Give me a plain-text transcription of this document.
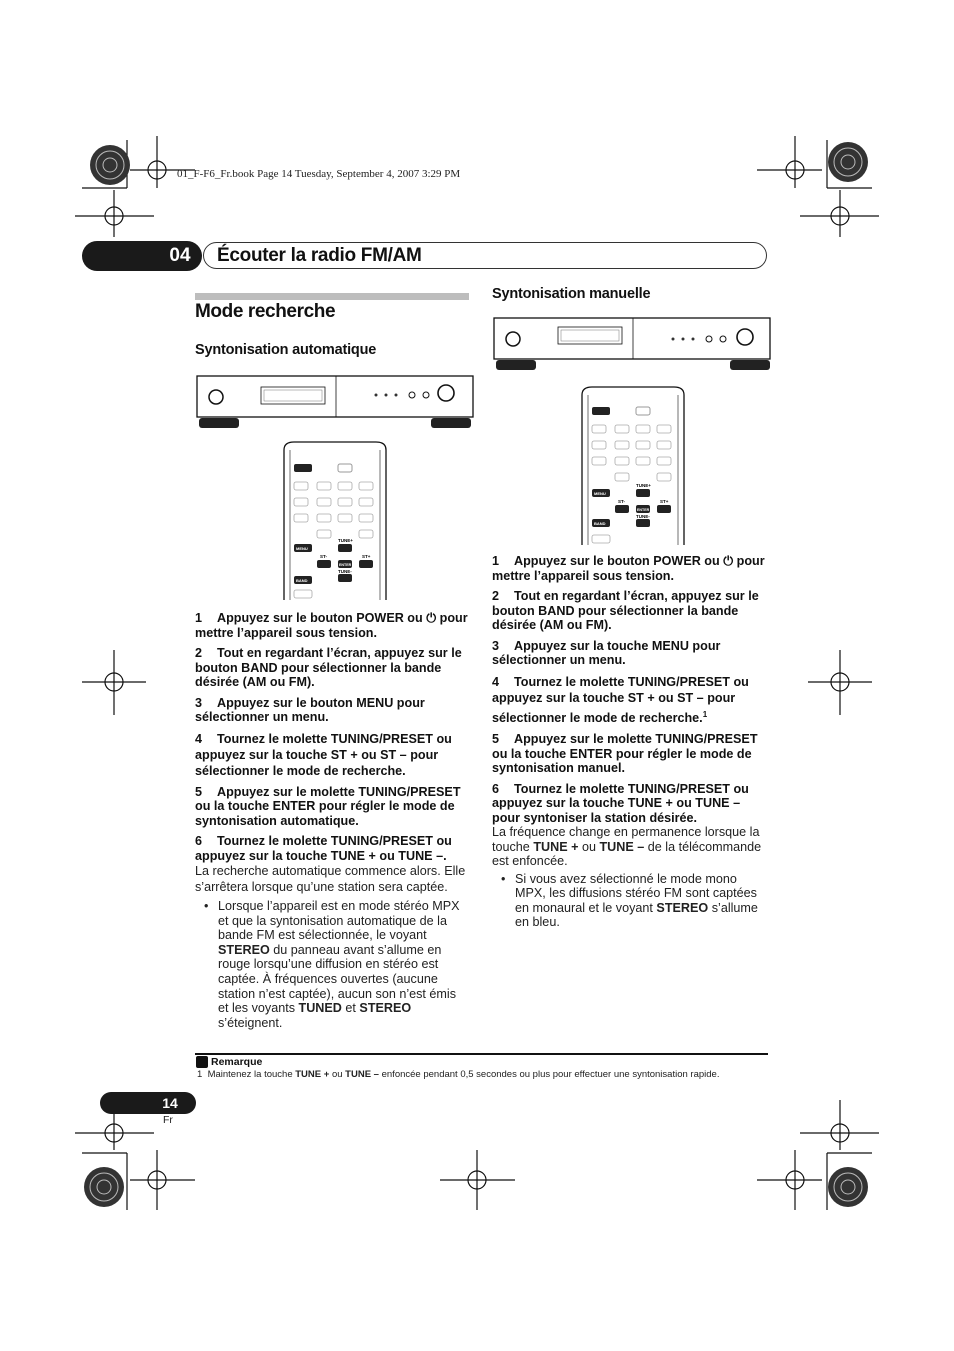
01_F-F6_Fr.book Page 14 Tuesday, September 4, 2007 3:29 PM
04	Écouter la radio FM/AM
Mode recherche
Syntonisation automatique
TUNE+
TUNE-
ST-	ST+
MENU
BAND
ENTER

1 Appuyez sur le bouton POWER ou ⏻ pour mettre l’appareil sous tension.

2 Tout en regardant l’écran, appuyez sur le bouton BAND pour sélectionner la bande désirée (AM ou FM).

3 Appuyez sur le bouton MENU pour sélectionner un menu.

4 Tournez le molette TUNING/PRESET ou appuyez sur la touche ST + ou ST – pour sélectionner le mode de recherche.

5 Appuyez sur le molette TUNING/PRESET ou la touche ENTER pour régler le mode de syntonisation automatique.

6 Tournez le molette TUNING/PRESET ou appuyez sur la touche TUNE + ou TUNE –.

La recherche automatique commence alors. Elle s’arrêtera lorsque qu’une station sera captée.

• Lorsque l’appareil est en mode stéréo MPX et que la syntonisation automatique de la bande FM est sélectionnée, le voyant STEREO du panneau avant s’allume en rouge lorsqu’une diffusion en stéréo est captée. À fréquences ouvertes (aucune station n’est captée), aucun son n’est émis et les voyants TUNED et STEREO s’éteignent.

Syntonisation manuelle
TUNE+
TUNE-
ST-	ST+
MENU
BAND
ENTER

1 Appuyez sur le bouton POWER ou ⏻ pour mettre l’appareil sous tension.

2 Tout en regardant l’écran, appuyez sur le bouton BAND pour sélectionner la bande désirée (AM ou FM).

3 Appuyez sur la touche MENU pour sélectionner un menu.

4 Tournez le molette TUNING/PRESET ou appuyez sur la touche ST + ou ST – pour sélectionner le mode de recherche.$^1$

5 Appuyez sur le molette TUNING/PRESET ou la touche ENTER pour régler le mode de syntonisation manuel.

6 Tournez le molette TUNING/PRESET ou appuyez sur la touche TUNE + ou TUNE – pour syntoniser la station désirée.

La fréquence change en permanence lorsque la touche TUNE + ou TUNE – de la télécommande est enfoncée.

• Si vous avez sélectionné le mode mono MPX, les diffusions stéréo FM sont captées en monaural et le voyant STEREO s’allume en bleu.

Remarque
1 Maintenez la touche TUNE + ou TUNE – enfoncée pendant 0,5 secondes ou plus pour effectuer une syntonisation rapide.
14
Fr
